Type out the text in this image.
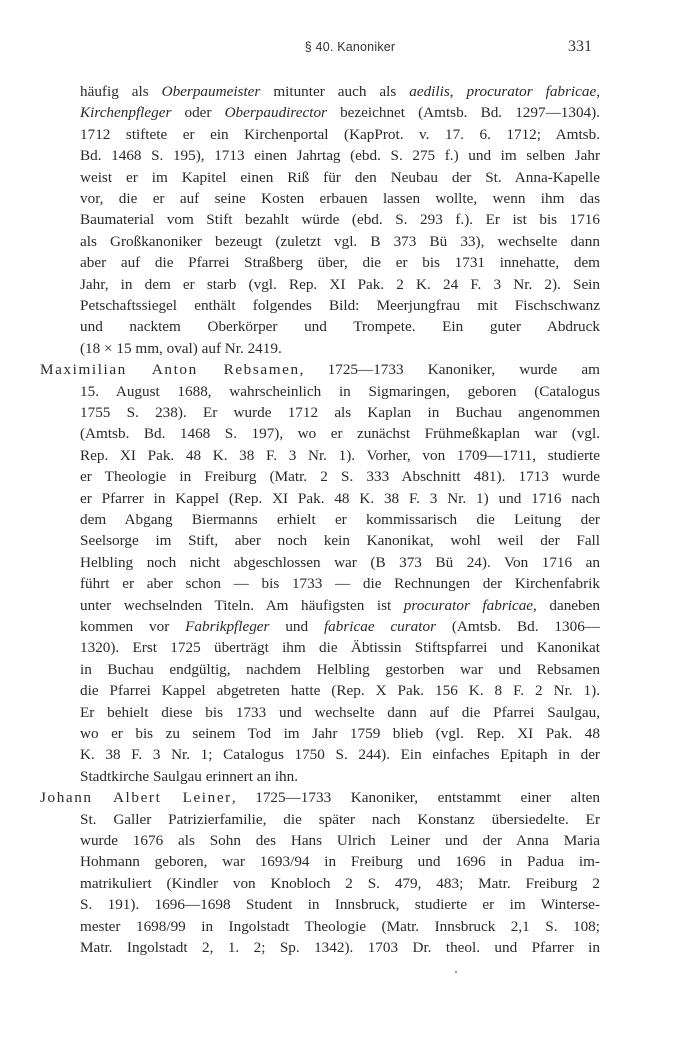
§ 40. Kanoniker	331
häufig als Oberpaumeister mitunter auch als aedilis, procurator fabricae,
Kirchenpfleger oder Oberpaudirector bezeichnet (Amtsb. Bd. 1297—1304).
1712 stiftete er ein Kirchenportal (KapProt. v. 17. 6. 1712; Amtsb.
Bd. 1468 S. 195), 1713 einen Jahrtag (ebd. S. 275 f.) und im selben Jahr
weist er im Kapitel einen Riß für den Neubau der St. Anna-Kapelle
vor, die er auf seine Kosten erbauen lassen wollte, wenn ihm das
Baumaterial vom Stift bezahlt würde (ebd. S. 293 f.). Er ist bis 1716
als Großkanoniker bezeugt (zuletzt vgl. B 373 Bü 33), wechselte dann
aber auf die Pfarrei Straßberg über, die er bis 1731 innehatte, dem
Jahr, in dem er starb (vgl. Rep. XI Pak. 2 K. 24 F. 3 Nr. 2). Sein
Petschaftssiegel enthält folgendes Bild: Meerjungfrau mit Fischschwanz
und nacktem Oberkörper und Trompete. Ein guter Abdruck
(18 × 15 mm, oval) auf Nr. 2419.
Maximilian Anton Rebsamen, 1725—1733 Kanoniker, wurde am
15. August 1688, wahrscheinlich in Sigmaringen, geboren (Catalogus
1755 S. 238). Er wurde 1712 als Kaplan in Buchau angenommen
(Amtsb. Bd. 1468 S. 197), wo er zunächst Frühmeßkaplan war (vgl.
Rep. XI Pak. 48 K. 38 F. 3 Nr. 1). Vorher, von 1709—1711, studierte
er Theologie in Freiburg (Matr. 2 S. 333 Abschnitt 481). 1713 wurde
er Pfarrer in Kappel (Rep. XI Pak. 48 K. 38 F. 3 Nr. 1) und 1716 nach
dem Abgang Biermanns erhielt er kommissarisch die Leitung der
Seelsorge im Stift, aber noch kein Kanonikat, wohl weil der Fall
Helbling noch nicht abgeschlossen war (B 373 Bü 24). Von 1716 an
führt er aber schon — bis 1733 — die Rechnungen der Kirchenfabrik
unter wechselnden Titeln. Am häufigsten ist procurator fabricae, daneben
kommen vor Fabrikpfleger und fabricae curator (Amtsb. Bd. 1306—
1320). Erst 1725 überträgt ihm die Äbtissin Stiftspfarrei und Kanonikat
in Buchau endgültig, nachdem Helbling gestorben war und Rebsamen
die Pfarrei Kappel abgetreten hatte (Rep. X Pak. 156 K. 8 F. 2 Nr. 1).
Er behielt diese bis 1733 und wechselte dann auf die Pfarrei Saulgau,
wo er bis zu seinem Tod im Jahr 1759 blieb (vgl. Rep. XI Pak. 48
K. 38 F. 3 Nr. 1; Catalogus 1750 S. 244). Ein einfaches Epitaph in der
Stadtkirche Saulgau erinnert an ihn.
Johann Albert Leiner, 1725—1733 Kanoniker, entstammt einer alten
St. Galler Patrizierfamilie, die später nach Konstanz übersiedelte. Er
wurde 1676 als Sohn des Hans Ulrich Leiner und der Anna Maria
Hohmann geboren, war 1693/94 in Freiburg und 1696 in Padua im-
matrikuliert (Kindler von Knobloch 2 S. 479, 483; Matr. Freiburg 2
S. 191). 1696—1698 Student in Innsbruck, studierte er im Winterse-
mester 1698/99 in Ingolstadt Theologie (Matr. Innsbruck 2,1 S. 108;
Matr. Ingolstadt 2, 1. 2; Sp. 1342). 1703 Dr. theol. und Pfarrer in
